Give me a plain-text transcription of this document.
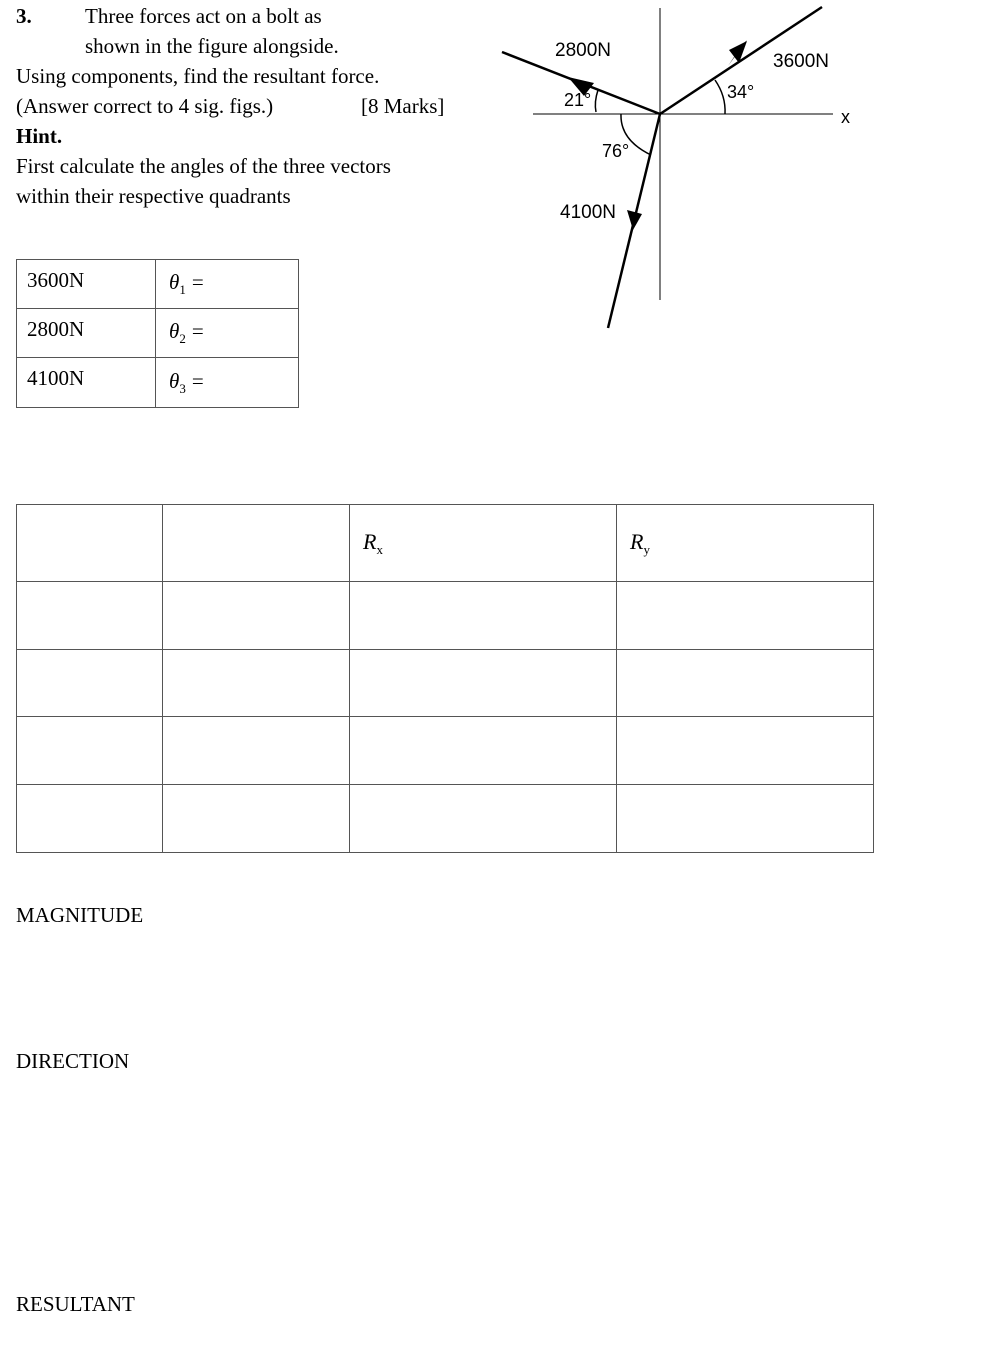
3.	Three forces act on a bolt as
shown in the figure alongside.
Using components, find the resultant force.
(Answer correct to 4 sig. figs.)	[8 Marks]
Hint.
First calculate the angles of the three vectors
within their respective quadrants
3600N	$\theta_1$ =
2800N	$\theta_2$ =
4100N	$\theta_3$ =
		$R_x$	$R_y$

MAGNITUDE
DIRECTION
RESULTANT
2800N
3600N
4100N
21°	34°
76°
x
